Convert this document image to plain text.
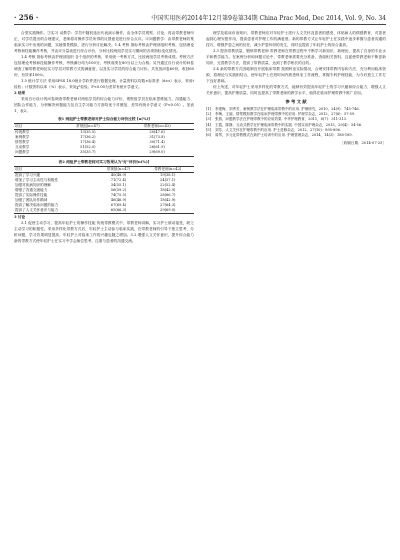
· 256 ·	中国实用医药2014年12月第9卷第34期 China Prac Med, Dec 2014, Vol. 9, No. 34

合型实践操作。③实习 动教学：学员中随机选出代表演示操作，由全体学员观察、讨论，再由带教老师纠正，对学员提出的合理建议，老师将对操作学员所得的反馈意见进行综合点评。④问题教学：由带教老师收集临床实习中出现的问题，实地情景模拟，进行分析讨论解决。1.4 考核 指标考核由护理部组织考核，包括理论考核和技能操作考核，并由评分量表进行综合评价，分析比较两组学员实习期间的各项指标变化情况。

1.4 考核 指标考核由护理部组织 各个组织的考核，采用统一考核方式，比较两组学员考核成绩。考核方法包括理论考核和技能操作考核，考核满分均为100分，考核成绩在80分以上为合格。另外通过自行设计的问卷调查了解带教老师及实习学员对带教方式的满意度，以及实习学员的综合能力评价。共发放问卷60份，收回60份，有效率100%。

1.5 统计学方法 采用SPSS 18.0统计学软件进行数据处理。计量资料以均数±标准差（x̄±s）表示，采用t检验；计数资料以率（%）表示，采用χ²检验。P<0.05为差异有统计学意义。

2 结果

采用自行设计的问卷调查带教老师对两组学员的综合能力评价，观察组学员在临床思维能力、沟通能力、团队合作能力、分析解决问题能力及自主学习能力方面均优于对照组，差异有统计学意义（P<0.05）。见表1、表2。

表1 两组护士带教老师对护士综合能力评价比较 [n(%)]
项目	常规组(n=47)	带教老师(n=42)
传统教学	13(35.5)	20(47.6)
案例教学	17(36.2)	31(73.8)
情景教学	17(36.4)	30(71.4)
互动教学	51(52.0)	26(61.9)
问题教学	35(35.7)	29(69.0)
表2 两组护士带教老师对实习效果认为"好"评价[n(%)]
项目	常规组(n=47)	带教老师(n=42)
提高了学习兴趣	40(48.9)	19(38.1)
增加了学习主动性与积极性	71(72.4)	24(57.1)
加强对疾病知识的理解	34(55.1)	22(52.4)
增强了沟通交流能力	56(59.2)	18(42.9)
提高了实际操作技能	74(75.5)	28(66.7)
加强了团队协作精神	46(46.9)	18(42.9)
提高了解决临床问题的能力	67(69.4)	27(64.3)
提高了人文关怀意识与能力	65(66.3)	29(69.0)

3 讨论

3.1 促使主动学习，提高年轻护士的操作技能 传统带教模式中，带教老师讲解，实习护士被动接受，缺乏主动学习的积极性。采用多样化带教方式后，年轻护士主动参与临床实践，在带教老师的引导下独立思考、分析问题，学习效果明显提高，年轻护士对临床工作的兴趣也随之增加。3.2 增强人文关怀意识，提升综合能力 新的带教方式使年轻护士在实习中学会换位思考，注重与患者的沟通交流。

理学及临床诊治知识，带教老师应对年轻护士进行人文关怀及患者的感受、体贴病人的情感教育，对患者起到心理安慰作用，提高患者对护理工作的满意度。新的带教方式让年轻护士在实践中逐步掌握与患者沟通的技巧，增强护患之间的信任，减少护患纠纷的发生，同时也提高了年轻护士的综合素质。

3.3 提高带教质量，锻炼带教老师 带教老师在带教过程中不断学习新知识、新理论，提高了自身的专业水平和教学能力。在案例分析和问题讨论中，带教老师需要充分准备，查阅相关资料，这促使带教老师不断更新知识，完善教学方法，提高了带教质量，达到了教学相长的目的。

3.4 新的带教方式因地制宜开展临床带教 按照科室实际情况，合理安排带教内容和方法，充分利用临床资源，将理论与实践相结合，使年轻护士在短时间内熟悉科室工作流程，掌握专科护理技能，为今后独立工作打下良好基础。

综上所述，对年轻护士采用多样化的带教方式，能够有效提高年轻护士的学习兴趣和综合能力，增强人文关怀意识，提高护理质量，同时也提高了带教老师的教学水平，值得在临床护理带教中推广应用。

参 考 文 献
[1]	李建梅，刘秀芳，案例教学法在护理临床带教中的应用. 护理研究，2010，24(9)：745-746.
[2]	李梅，王丽，情景模拟教学在临床护理带教中的应用. 护理学杂志，2012，27(6)：57-59.
[3]	张燕，问题教学法在护理带教中的应用效果. 中华护理教育，2011，8(7)：311-313.
[4]	王霞，陈静，互动式教学在护理临床带教中的实践. 中国实用护理杂志，2013，29(4)：54-56.
[5]	刘芳，人文关怀在护理带教中的应用. 护士进修杂志，2012，27(10)：895-896.
[6]	周琴，多元化带教模式在新护士培训中的应用. 护理管理杂志，2014，14(3)：188-189.
［收稿日期：2014-07-25］
